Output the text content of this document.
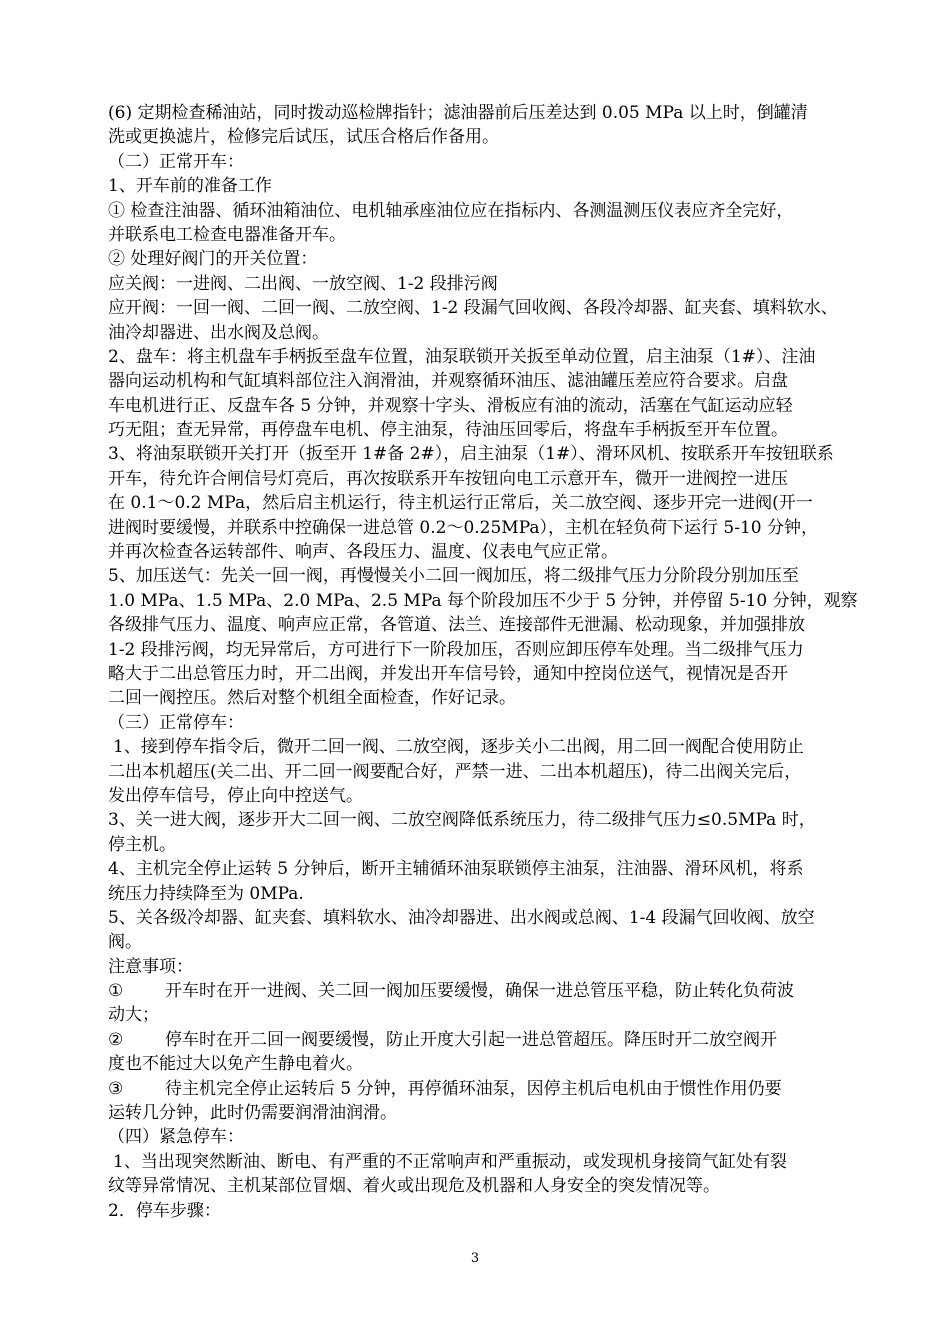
(6) 定期检查稀油站，同时拨动巡检牌指针；滤油器前后压差达到 0.05 MPa 以上时，倒罐清
洗或更换滤片，检修完后试压，试压合格后作备用。
（二）正常开车：
1、开车前的准备工作
① 检查注油器、循环油箱油位、电机轴承座油位应在指标内、各测温测压仪表应齐全完好，
并联系电工检查电器准备开车。
② 处理好阀门的开关位置：
应关阀：一进阀、二出阀、一放空阀、1-2 段排污阀
应开阀：一回一阀、二回一阀、二放空阀、1-2 段漏气回收阀、各段冷却器、缸夹套、填料软水、
油冷却器进、出水阀及总阀。
2、盘车：将主机盘车手柄扳至盘车位置，油泵联锁开关扳至单动位置，启主油泵（1#）、注油
器向运动机构和气缸填料部位注入润滑油，并观察循环油压、滤油罐压差应符合要求。启盘
车电机进行正、反盘车各 5 分钟，并观察十字头、滑板应有油的流动，活塞在气缸运动应轻
巧无阻；查无异常，再停盘车电机、停主油泵，待油压回零后，将盘车手柄扳至开车位置。
3、将油泵联锁开关打开（扳至开 1#备 2#），启主油泵（1#）、滑环风机、按联系开车按钮联系
开车，待允许合闸信号灯亮后，再次按联系开车按钮向电工示意开车，微开一进阀控一进压
在 0.1～0.2 MPa，然后启主机运行，待主机运行正常后，关二放空阀、逐步开完一进阀(开一
进阀时要缓慢，并联系中控确保一进总管 0.2～0.25MPa），主机在轻负荷下运行 5-10 分钟，
并再次检查各运转部件、响声、各段压力、温度、仪表电气应正常。
5、加压送气：先关一回一阀，再慢慢关小二回一阀加压，将二级排气压力分阶段分别加压至
1.0 MPa、1.5 MPa、2.0 MPa、2.5 MPa 每个阶段加压不少于 5 分钟，并停留 5-10 分钟，观察
各级排气压力、温度、响声应正常，各管道、法兰、连接部件无泄漏、松动现象，并加强排放
1-2 段排污阀，均无异常后，方可进行下一阶段加压，否则应卸压停车处理。当二级排气压力
略大于二出总管压力时，开二出阀，并发出开车信号铃，通知中控岗位送气，视情况是否开
二回一阀控压。然后对整个机组全面检查，作好记录。
（三）正常停车：
1、接到停车指令后，微开二回一阀、二放空阀，逐步关小二出阀，用二回一阀配合使用防止
二出本机超压(关二出、开二回一阀要配合好，严禁一进、二出本机超压)，待二出阀关完后，
发出停车信号，停止向中控送气。
3、关一进大阀，逐步开大二回一阀、二放空阀降低系统压力，待二级排气压力≤0.5MPa 时，
停主机。
4、主机完全停止运转 5 分钟后，断开主辅循环油泵联锁停主油泵，注油器、滑环风机，将系
统压力持续降至为 0MPa.
5、关各级冷却器、缸夹套、填料软水、油冷却器进、出水阀或总阀、1-4 段漏气回收阀、放空
阀。
注意事项：
①	开车时在开一进阀、关二回一阀加压要缓慢，确保一进总管压平稳，防止转化负荷波
动大；
②	停车时在开二回一阀要缓慢，防止开度大引起一进总管超压。降压时开二放空阀开
度也不能过大以免产生静电着火。
③	待主机完全停止运转后 5 分钟，再停循环油泵，因停主机后电机由于惯性作用仍要
运转几分钟，此时仍需要润滑油润滑。
（四）紧急停车：
1、当出现突然断油、断电、有严重的不正常响声和严重振动，或发现机身接筒气缸处有裂
纹等异常情况、主机某部位冒烟、着火或出现危及机器和人身安全的突发情况等。
2．停车步骤：
3
